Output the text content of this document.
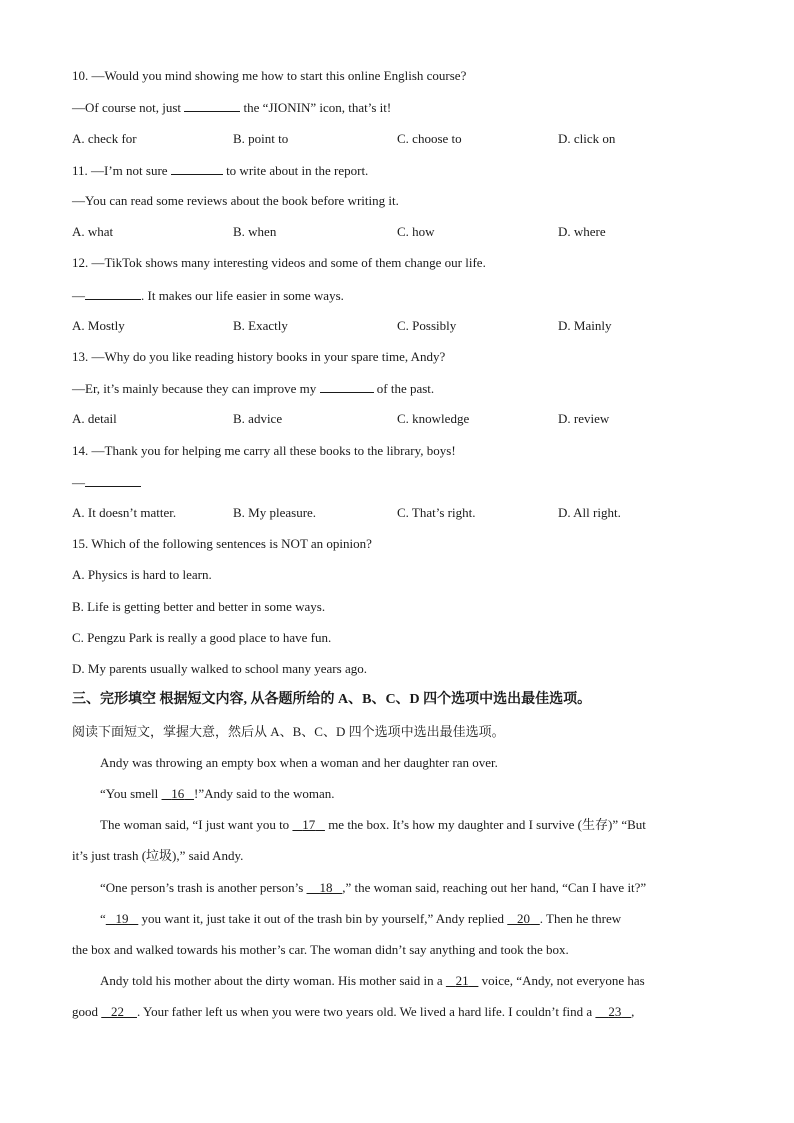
10. —Would you mind showing me how to start this online English course?
—Of course not, just	the “JIONIN” icon, that’s it!
A. check for	B. point to	C. choose to	D. click on
11. —I’m not sure	to write about in the report.
—You can read some reviews about the book before writing it.
A. what	B. when	C. how	D. where
12. —TikTok shows many interesting videos and some of them change our life.
—	. It makes our life easier in some ways.
A. Mostly	B. Exactly	C. Possibly	D. Mainly
13. —Why do you like reading history books in your spare time, Andy?
—Er, it’s mainly because they can improve my	of the past.
A. detail	B. advice	C. knowledge	D. review
14. —Thank you for helping me carry all these books to the library, boys!
—
A. It doesn’t matter.	B. My pleasure.	C. That’s right.	D. All right.
15. Which of the following sentences is NOT an opinion?
A. Physics is hard to learn.
B. Life is getting better and better in some ways.
C. Pengzu Park is really a good place to have fun.
D. My parents usually walked to school many years ago.
三、完形填空 根据短文内容, 从各题所给的 A、B、C、D 四个选项中选出最佳选项。
阅读下面短文，掌握大意，然后从 A、B、C、D 四个选项中选出最佳选项。
Andy was throwing an empty box when a woman and her daughter ran over.
“You smell 16 !”Andy said to the woman.
The woman said, “I just want you to 17 me the box. It’s how my daughter and I survive (生存)” “But
it’s just trash (垃圾),” said Andy.
“One person’s trash is another person’s 18 ,” the woman said, reaching out her hand, “Can I have it?”
“ 19 you want it, just take it out of the trash bin by yourself,” Andy replied 20 . Then he threw
the box and walked towards his mother’s car. The woman didn’t say anything and took the box.
Andy told his mother about the dirty woman. His mother said in a 21 voice, “Andy, not everyone has
good 22 . Your father left us when you were two years old. We lived a hard life. I couldn’t find a 23 ,
